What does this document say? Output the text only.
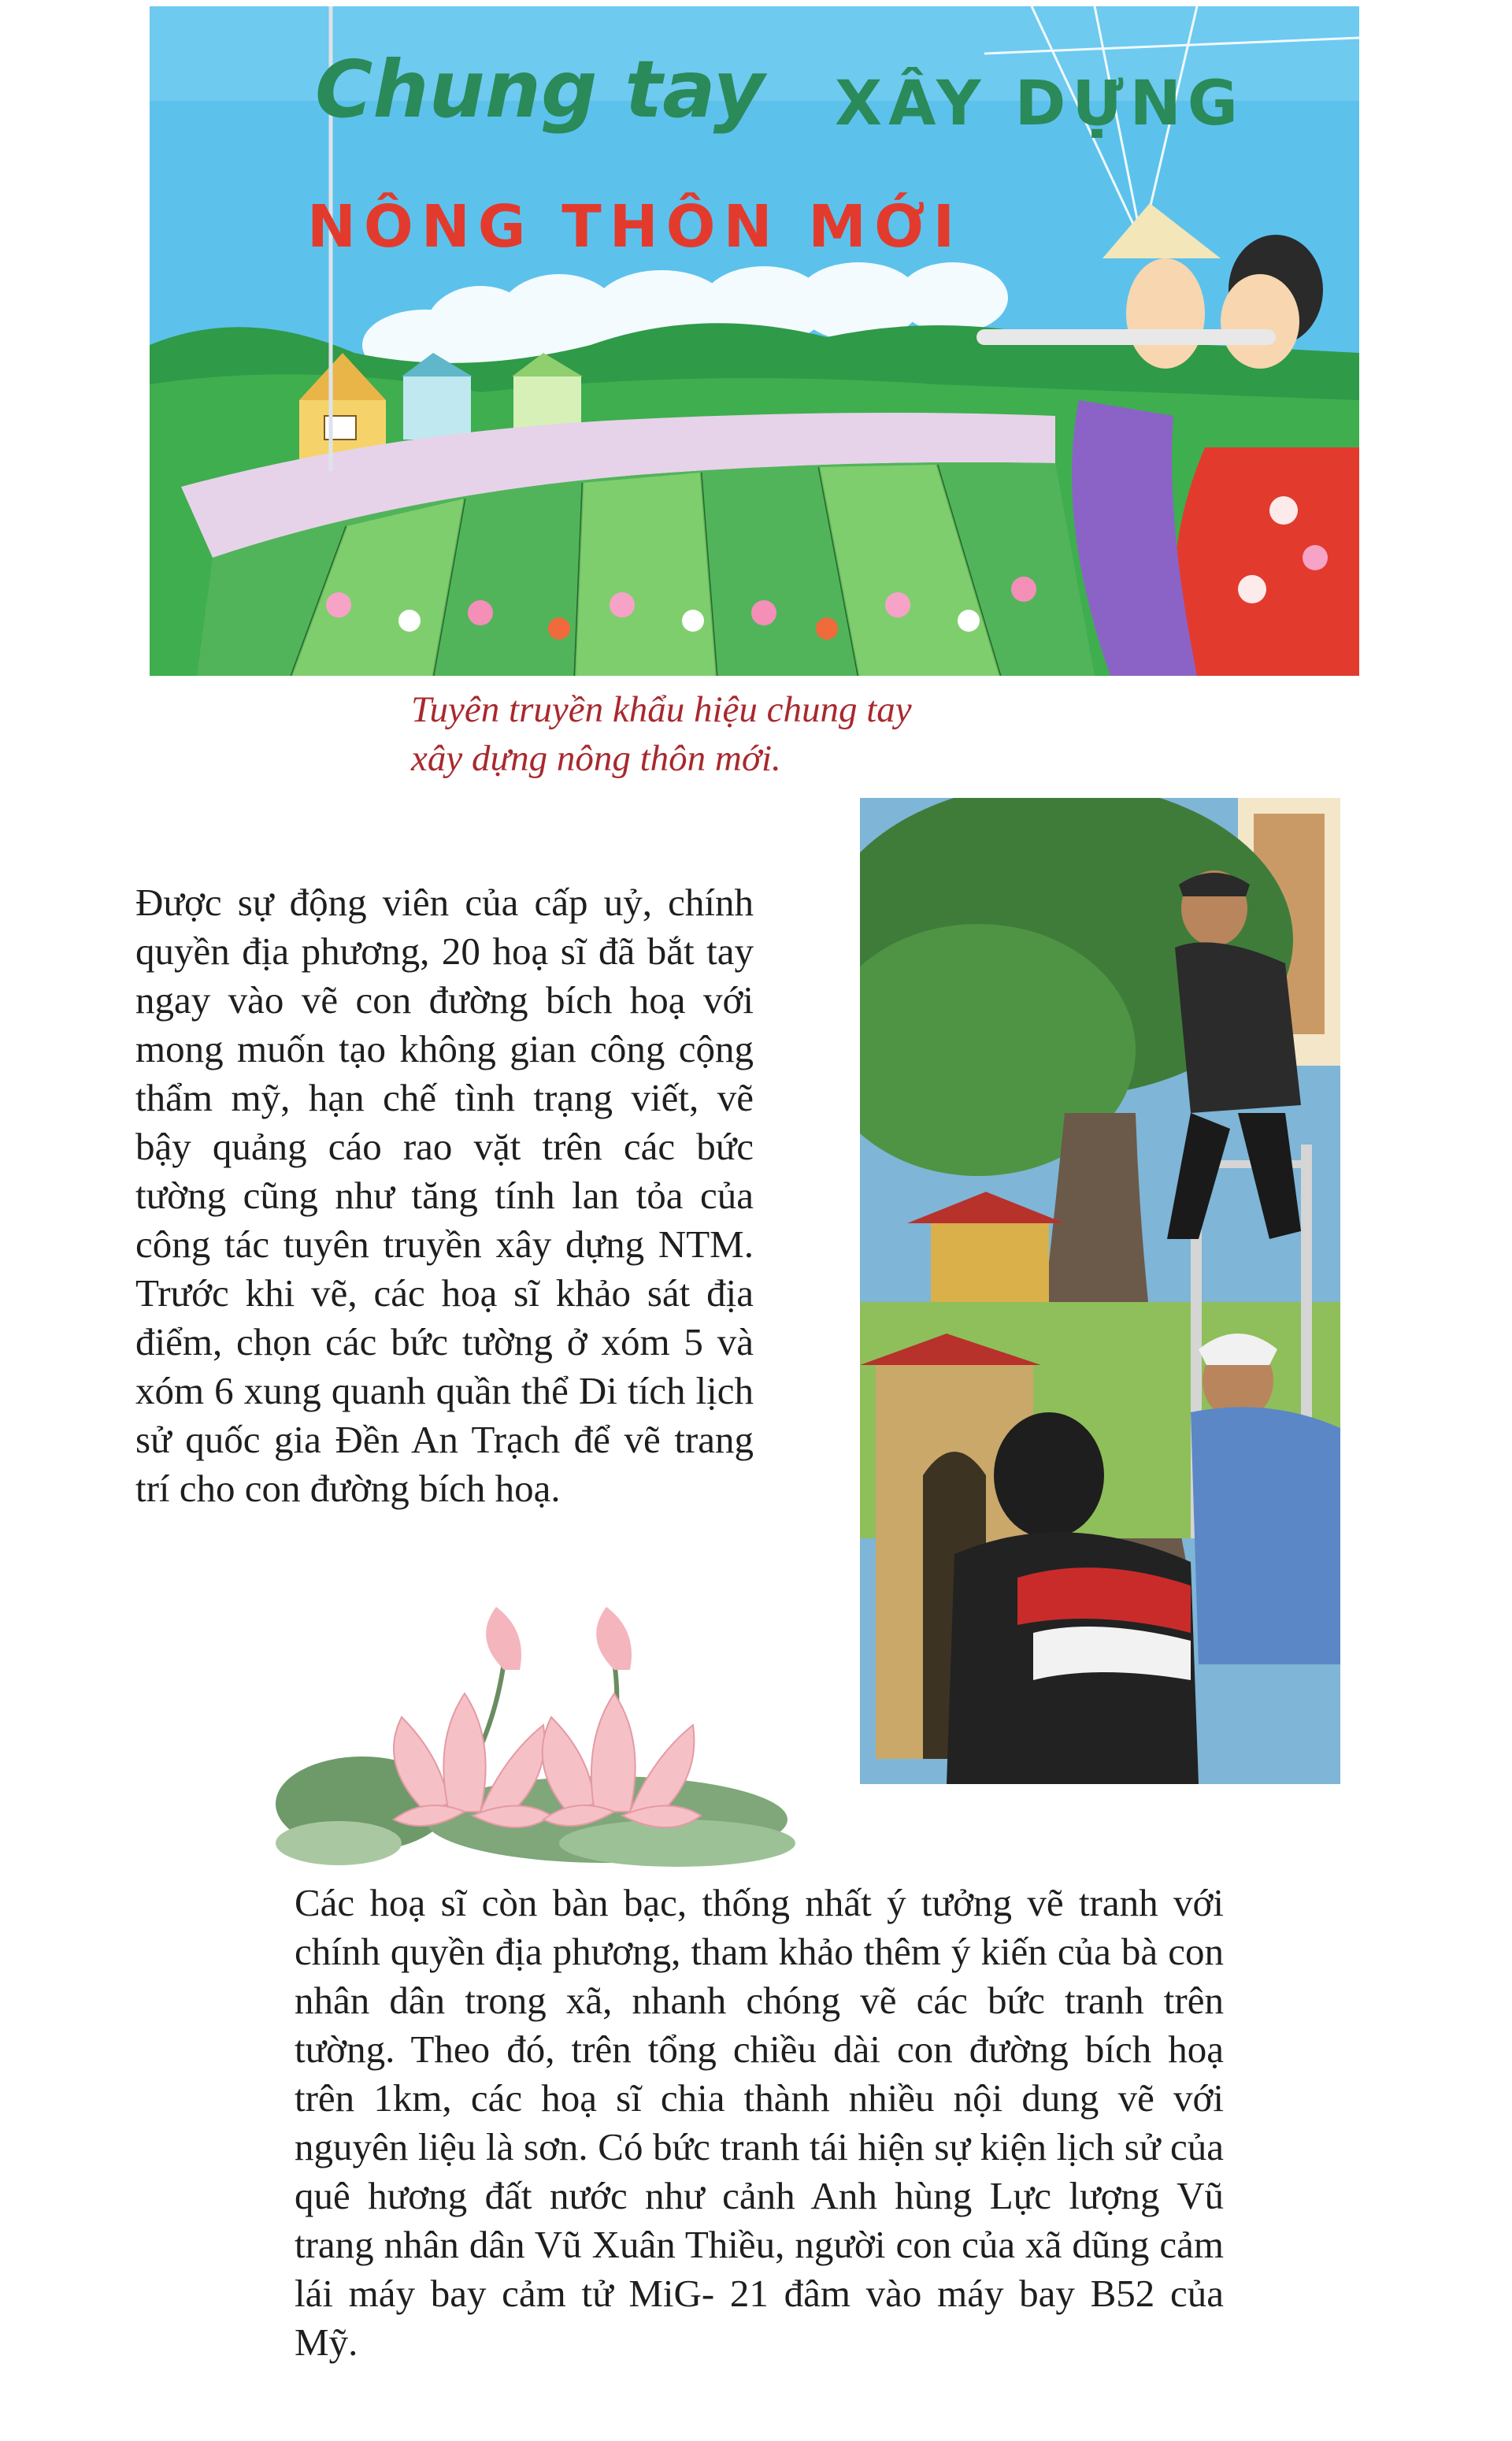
Chung tay XÂY DỰNG
NÔNG THÔN MỚI
Tuyên truyền khẩu hiệu chung tay
xây dựng nông thôn mới.

Được sự động viên của cấp uỷ, chính quyền địa phương, 20 hoạ sĩ đã bắt tay ngay vào vẽ con đường bích hoạ với mong muốn tạo không gian công cộng thẩm mỹ, hạn chế tình trạng viết, vẽ bậy quảng cáo rao vặt trên các bức tường cũng như tăng tính lan tỏa của công tác tuyên truyền xây dựng NTM. Trước khi vẽ, các hoạ sĩ khảo sát địa điểm, chọn các bức tường ở xóm 5 và xóm 6 xung quanh quần thể Di tích lịch sử quốc gia Đền An Trạch để vẽ trang trí cho con đường bích hoạ.

Các hoạ sĩ còn bàn bạc, thống nhất ý tưởng vẽ tranh với chính quyền địa phương, tham khảo thêm ý kiến của bà con nhân dân trong xã, nhanh chóng vẽ các bức tranh trên tường. Theo đó, trên tổng chiều dài con đường bích hoạ trên 1km, các hoạ sĩ chia thành nhiều nội dung vẽ với nguyên liệu là sơn. Có bức tranh tái hiện sự kiện lịch sử của quê hương đất nước như cảnh Anh hùng Lực lượng Vũ trang nhân dân Vũ Xuân Thiều, người con của xã dũng cảm lái máy bay cảm tử MiG- 21 đâm vào máy bay B52 của Mỹ.
